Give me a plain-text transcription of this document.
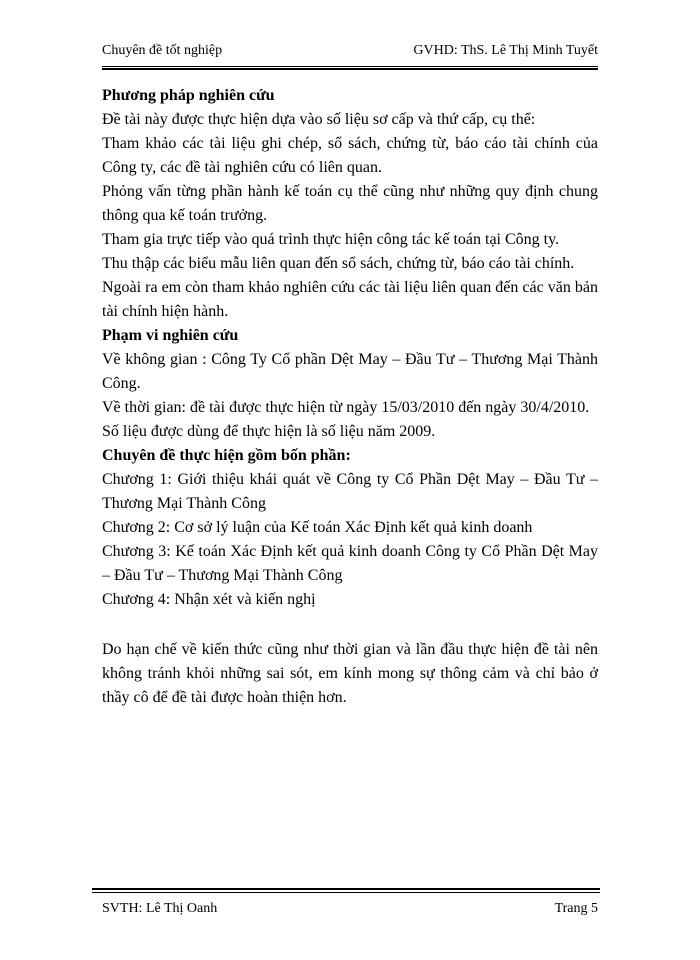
Chuyên đề tốt nghiệp	GVHD: ThS. Lê Thị Minh Tuyết

Phương pháp nghiên cứu

Đề tài này được thực hiện dựa vào số liệu sơ cấp và thứ cấp, cụ thể:

Tham khảo các tài liệu ghi chép, sổ sách, chứng từ, báo cáo tài chính của Công ty, các đề tài nghiên cứu có liên quan.

Phỏng vấn từng phần hành kế toán cụ thể cũng như những quy định chung thông qua kế toán trưởng.

Tham gia trực tiếp vào quá trình thực hiện công tác kế toán tại Công ty.

Thu thập các biểu mẫu liên quan đến sổ sách, chứng từ, báo cáo tài chính.

Ngoài ra em còn tham khảo nghiên cứu các tài liệu liên quan đến các văn bản tài chính hiện hành.

Phạm vi nghiên cứu

Về không gian : Công Ty Cổ phần Dệt May – Đầu Tư – Thương Mại Thành Công.

Về thời gian: đề tài được thực hiện từ ngày 15/03/2010 đến ngày 30/4/2010.

Số liệu được dùng để thực hiện là số liệu năm 2009.

Chuyên đề thực hiện gồm bốn phần:

Chương 1: Giới thiệu khái quát về Công ty Cổ Phần Dệt May – Đầu Tư – Thương Mại Thành Công

Chương 2: Cơ sở lý luận của Kế toán Xác Định kết quả kinh doanh

Chương 3: Kế toán Xác Định kết quả kinh doanh Công ty Cổ Phần Dệt May – Đầu Tư – Thương Mại Thành Công

Chương 4: Nhận xét và kiến nghị

Do hạn chế về kiến thức cũng như thời gian và lần đầu thực hiện đề tài nên không tránh khỏi những sai sót, em kính mong sự thông cảm và chỉ bảo ở thầy cô để đề tài được hoàn thiện hơn.

SVTH: Lê Thị Oanh	Trang 5
